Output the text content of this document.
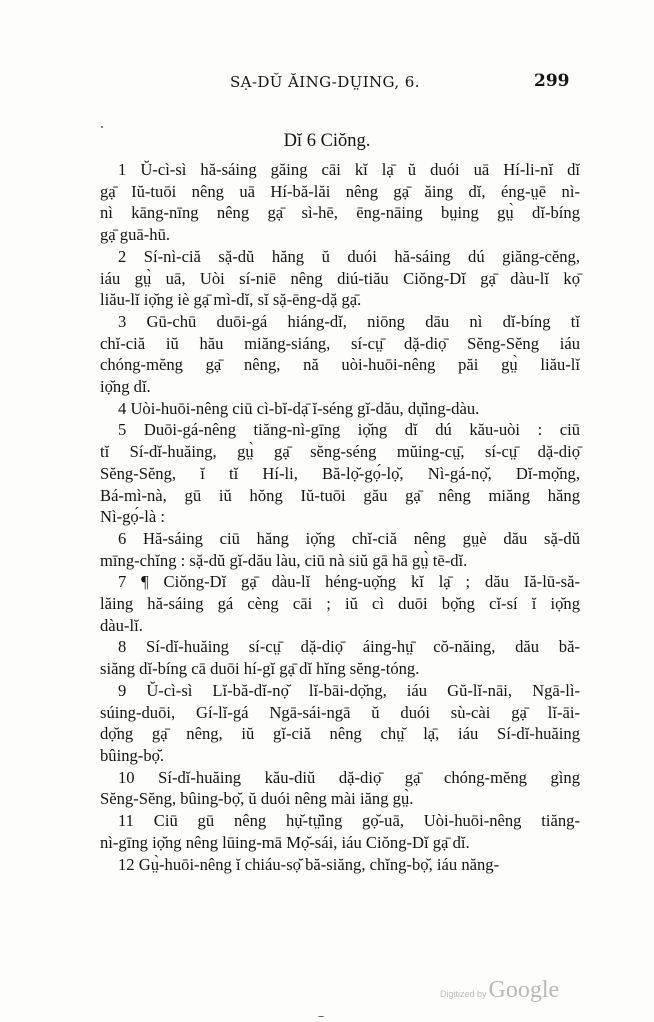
SẠ-DŬ ĂING-DṲING, 6.	299
Dĭ 6 Ciŏng.

1 Ŭ-cì-sì hă-sáing găing cāi kĭ lạ̄ ŭ duói uā Hí-li-nĭ dĭ
gạ̄ Iŭ-tuōi nêng uā Hí-bă-lăi nêng gạ̄ ăing dĭ, éng-ṳē nì-
nì kāng-nīng nêng gạ̄ sì-hē, ēng-nāing bṳing gṳ̀ dĭ-bíng
gạ̄ guā-hū.

2 Sí-nì-ciă sặ-dŭ hăng ŭ duói hă-sáing dú giăng-cĕng,
iáu gṳ̀ uā, Uòi sí-niē nêng diú-tiău Ciŏng-Dĭ gạ̄ dàu-lĭ kọ̄
liău-lĭ iọ̆ng iè gạ̄ mì-dĭ, sĭ sặ-ēng-dặ gạ̄.

3 Gū-chū duōi-gá hiáng-dĭ, niōng dāu nì dĭ-bíng tĭ
chĭ-ciă iŭ hău miăng-siáng, sí-cṳ̄ dặ-diọ̄ Sĕng-Sĕng iáu
chóng-mĕng gạ̄ nêng, nă uòi-huōi-nêng păi gṳ̀ liău-lĭ
iọ̆ng dĭ.

4 Uòi-huōi-nêng ciū cì-bĭ-dạ̄ ĭ-séng gĭ-dău, dụ̆ing-dàu.

5 Duōi-gá-nêng tiăng-nì-gīng iọ̆ng dĭ dú kău-uòi : ciū
tĭ Sí-dĭ-huăing, gṳ̀ gạ̄ sĕng-séng mŭing-cṳ̄, sí-cṳ̄ dặ-diọ̄
Sĕng-Sĕng, ĭ tĭ Hí-li, Bă-lọ̆-gọ́-lọ̆, Nì-gá-nọ̆, Dĭ-mọ̆ng,
Bá-mì-nà, gū iŭ hŏng Iŭ-tuōi gău gạ̄ nêng miăng hăng
Nì-gọ́-là :

6 Hă-sáing ciū hăng iọ̆ng chĭ-ciă nêng gṳè dău sặ-dŭ
mīng-chĭng : sặ-dŭ gĭ-dău làu, ciū nà siŭ gā hā gṳ̀ tē-dĭ.

7 ¶ Ciŏng-Dĭ gạ̄ dàu-lĭ héng-uọ̆ng kĭ lạ̄ ; dău Iă-lū-să-
lăing hă-sáing gá cèng cāi ; iŭ cì duōi bọ̆ng cĭ-sí ĭ iọ̆ng
dàu-lĭ.

8 Sí-dĭ-huăing sí-cṳ̄ dặ-diọ̄ áing-hṳ̄ cŏ-năing, dău bă-
siăng dĭ-bíng cā duōi hí-gĭ gạ̄ dĭ hĭng sĕng-tóng.

9 Ŭ-cì-sì Lĭ-bă-dĭ-nọ̆ lĭ-bāi-dọ̆ng, iáu Gŭ-lĭ-nāi, Ngā-lì-
súing-duōi, Gí-lĭ-gá Ngā-sái-ngā ŭ duói sù-cài gạ̄ lĭ-āi-
dọ̆ng gạ̄ nêng, iŭ gĭ-ciă nêng chṳ̆ lạ̄, iáu Sí-dĭ-huăing
bûing-bọ̆.

10 Sí-dĭ-huăing kău-diŭ dặ-diọ̄ gạ̄ chóng-mĕng gìng
Sĕng-Sĕng, bûing-bọ̆, ŭ duói nêng mài iăng gṳ̀.

11 Ciū gū nêng hụ̆-tṳ̆ing gọ̆-uā, Uòi-huōi-nêng tiăng-
nì-gīng iọ̆ng nêng lūing-mā Mọ̆-sái, iáu Ciŏng-Dĭ gạ̄ dĭ.

12 Gṳ̀-huōi-nêng ĭ chiáu-sọ̆ bă-siăng, chĭng-bọ̆, iáu năng-

Digitized byGoogle
